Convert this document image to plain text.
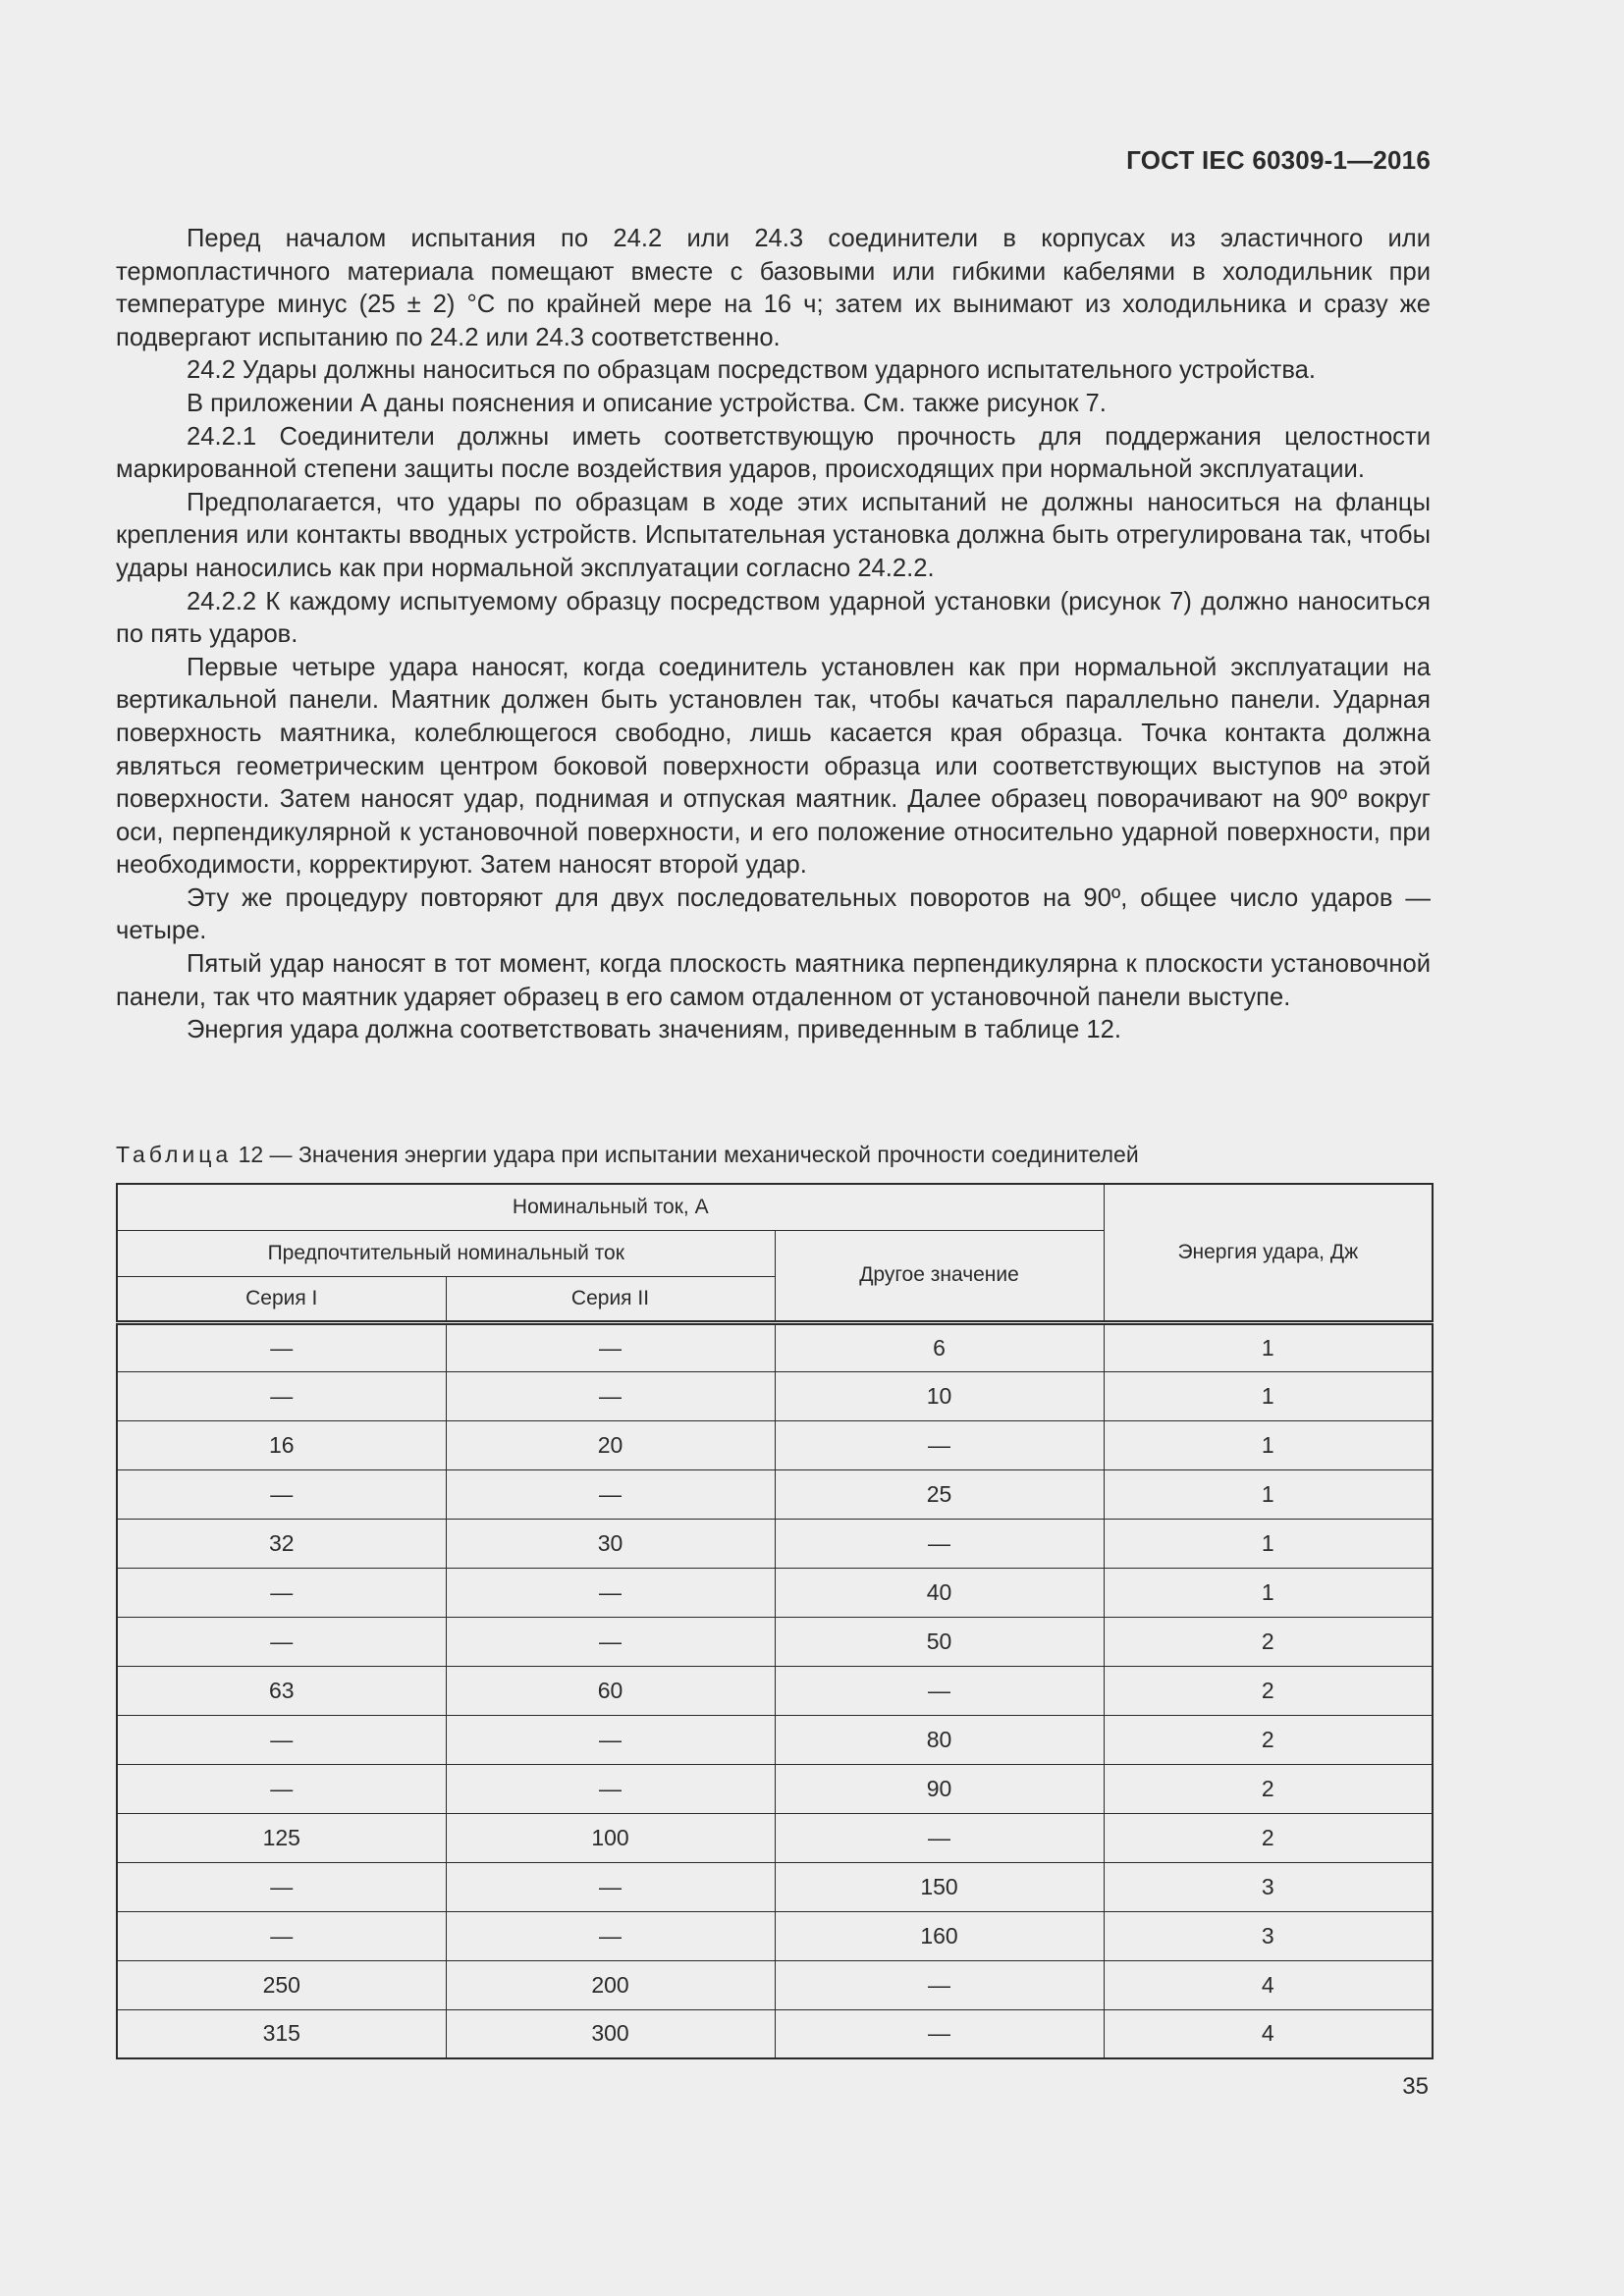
ГОСТ IEC 60309-1—2016

Перед началом испытания по 24.2 или 24.3 соединители в корпусах из эластичного или термопластичного материала помещают вместе с базовыми или гибкими кабелями в холодильник при температуре минус (25 ± 2) °С по крайней мере на 16 ч; затем их вынимают из холодильника и сразу же подвергают испытанию по 24.2 или 24.3 соответственно.

24.2 Удары должны наноситься по образцам посредством ударного испытательного устройства.

В приложении А даны пояснения и описание устройства. См. также рисунок 7.

24.2.1 Соединители должны иметь соответствующую прочность для поддержания целостности маркированной степени защиты после воздействия ударов, происходящих при нормальной эксплуатации.

Предполагается, что удары по образцам в ходе этих испытаний не должны наноситься на фланцы крепления или контакты вводных устройств. Испытательная установка должна быть отрегулирована так, чтобы удары наносились как при нормальной эксплуатации согласно 24.2.2.

24.2.2 К каждому испытуемому образцу посредством ударной установки (рисунок 7) должно наноситься по пять ударов.

Первые четыре удара наносят, когда соединитель установлен как при нормальной эксплуатации на вертикальной панели. Маятник должен быть установлен так, чтобы качаться параллельно панели. Ударная поверхность маятника, колеблющегося свободно, лишь касается края образца. Точка контакта должна являться геометрическим центром боковой поверхности образца или соответствующих выступов на этой поверхности. Затем наносят удар, поднимая и отпуская маятник. Далее образец поворачивают на 90º вокруг оси, перпендикулярной к установочной поверхности, и его положение относительно ударной поверхности, при необходимости, корректируют. Затем наносят второй удар.

Эту же процедуру повторяют для двух последовательных поворотов на 90º, общее число ударов — четыре.

Пятый удар наносят в тот момент, когда плоскость маятника перпендикулярна к плоскости установочной панели, так что маятник ударяет образец в его самом отдаленном от установочной панели выступе.

Энергия удара должна соответствовать значениям, приведенным в таблице 12.

Таблица 12 — Значения энергии удара при испытании механической прочности соединителей
Номинальный ток, А			Энергия удара, Дж
Предпочтительный номинальный ток		Другое значение	
Серия I	Серия II		
—	—	6	1
—	—	10	1
16	20	—	1
—	—	25	1
32	30	—	1
—	—	40	1
—	—	50	2
63	60	—	2
—	—	80	2
—	—	90	2
125	100	—	2
—	—	150	3
—	—	160	3
250	200	—	4
315	300	—	4
35
